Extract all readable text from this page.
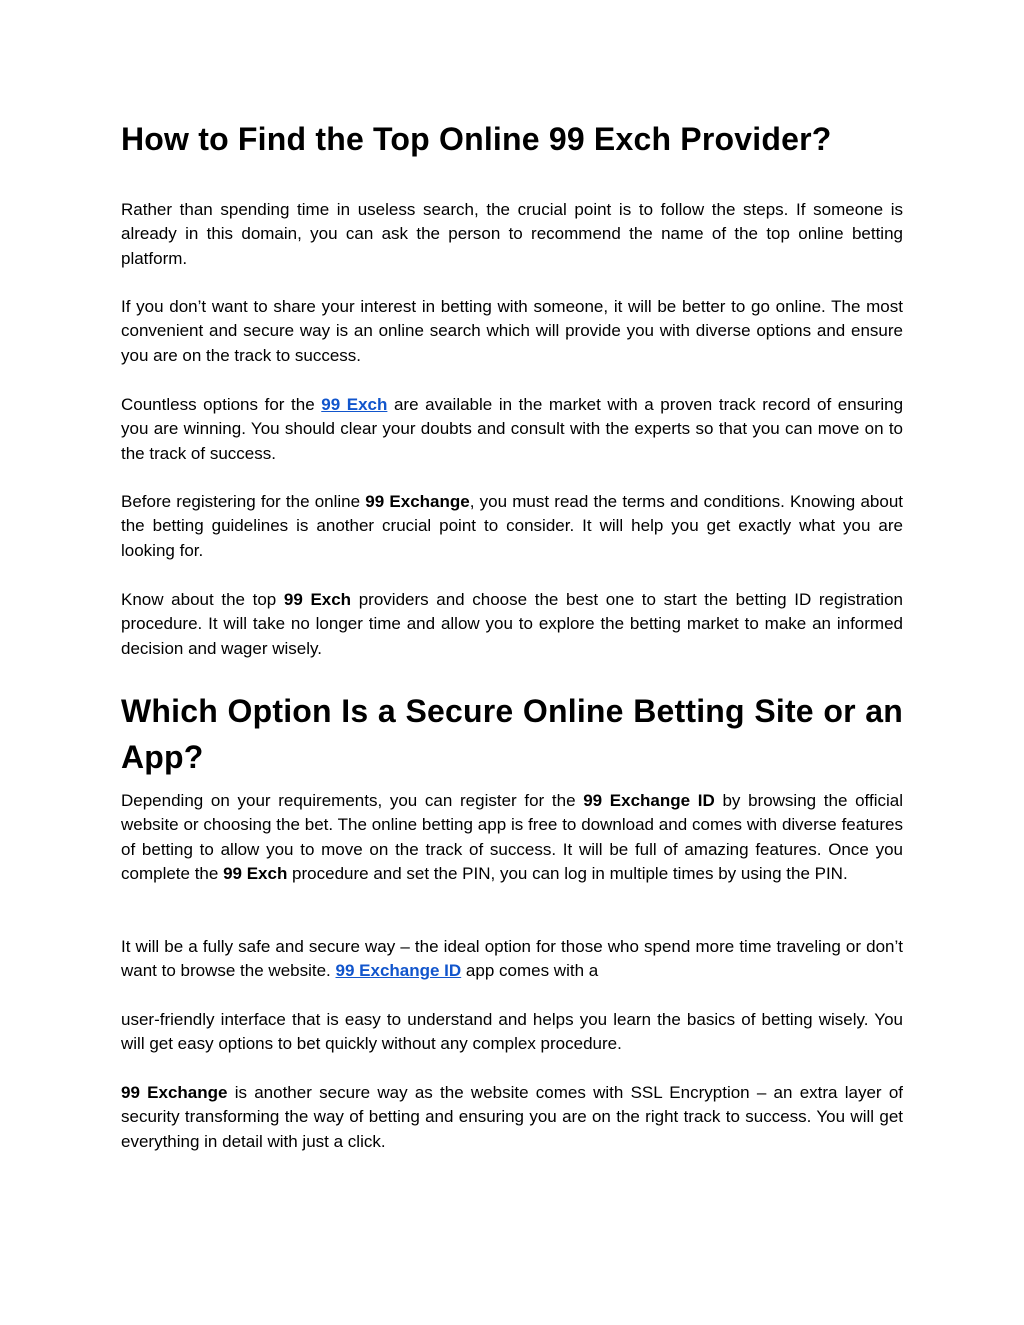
How to Find the Top Online 99 Exch Provider?

Rather than spending time in useless search, the crucial point is to follow the steps. If someone is already in this domain, you can ask the person to recommend the name of the top online betting platform.

If you don’t want to share your interest in betting with someone, it will be better to go online. The most convenient and secure way is an online search which will provide you with diverse options and ensure you are on the track to success.

Countless options for the 99 Exch are available in the market with a proven track record of ensuring you are winning. You should clear your doubts and consult with the experts so that you can move on to the track of success.

Before registering for the online 99 Exchange, you must read the terms and conditions. Knowing about the betting guidelines is another crucial point to consider. It will help you get exactly what you are looking for.

Know about the top 99 Exch providers and choose the best one to start the betting ID registration procedure. It will take no longer time and allow you to explore the betting market to make an informed decision and wager wisely.

Which Option Is a Secure Online Betting Site or an App?

Depending on your requirements, you can register for the 99 Exchange ID by browsing the official website or choosing the bet. The online betting app is free to download and comes with diverse features of betting to allow you to move on the track of success. It will be full of amazing features. Once you complete the 99 Exch procedure and set the PIN, you can log in multiple times by using the PIN.

It will be a fully safe and secure way – the ideal option for those who spend more time traveling or don’t want to browse the website. 99 Exchange ID app comes with a

user-friendly interface that is easy to understand and helps you learn the basics of betting wisely. You will get easy options to bet quickly without any complex procedure.

99 Exchange is another secure way as the website comes with SSL Encryption – an extra layer of security transforming the way of betting and ensuring you are on the right track to success. You will get everything in detail with just a click.
